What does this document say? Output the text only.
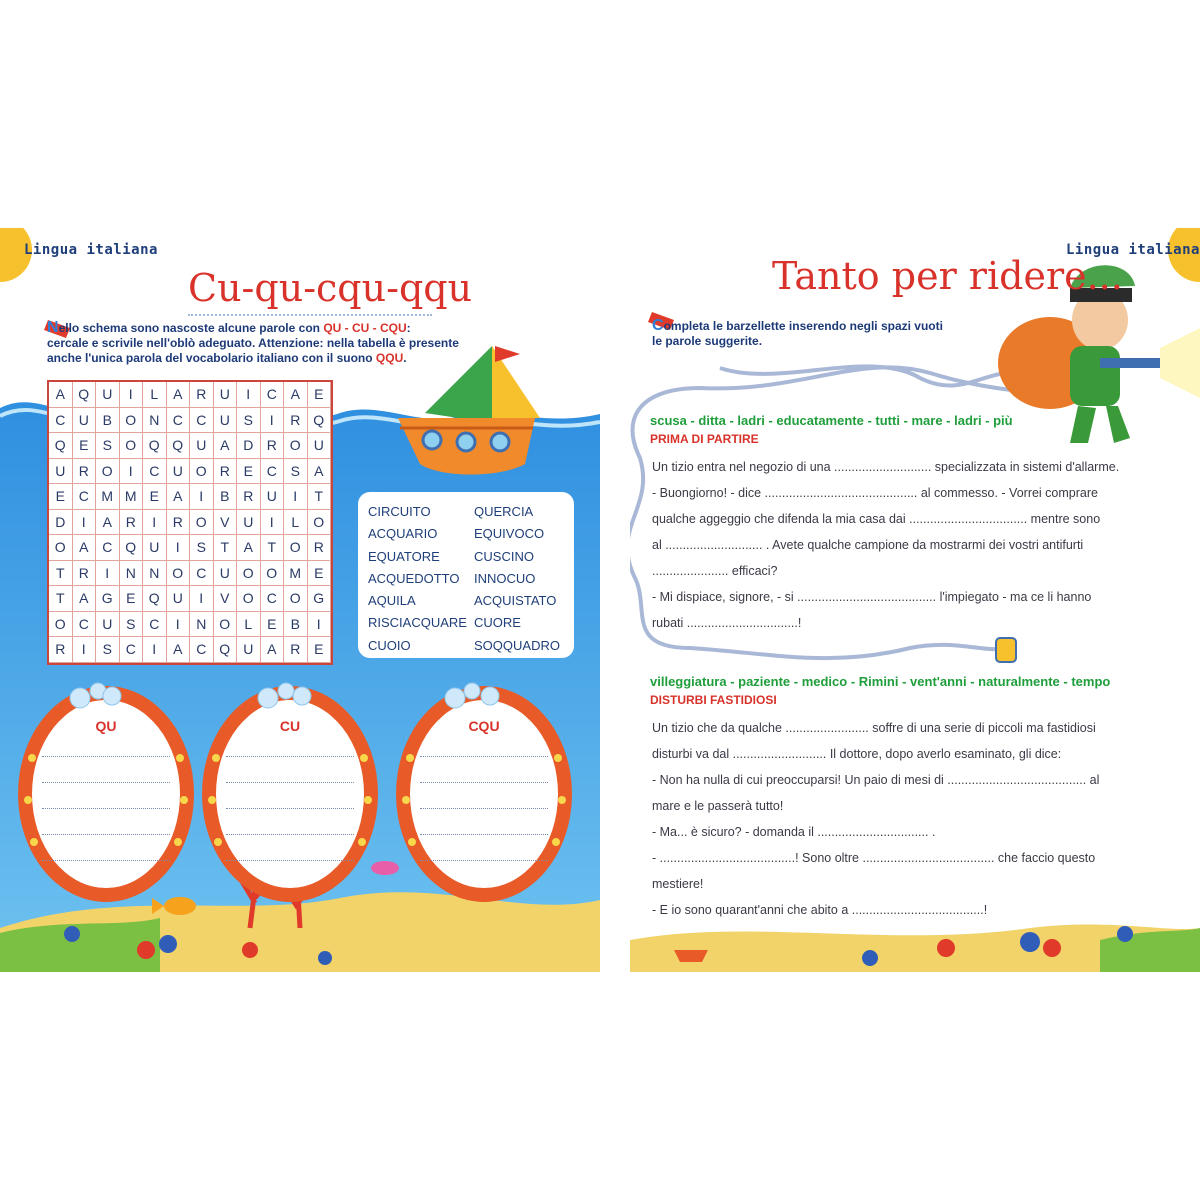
Lingua italiana
Cu-qu-cqu-qqu
Nello schema sono nascoste alcune parole con QU - CU - CQU:
cercale e scrivile nell'oblò adeguato. Attenzione: nella tabella è presente
anche l'unica parola del vocabolario italiano con il suono QQU.
A Q U	I	L	A R U	I	C A	E
C U B O N C C U S	I	R Q
Q E	S O Q Q U A D R O U
U R O	I	C U O R E C S	A
E C M M E	A	I	B R U	I	T
D	I	A R	I	R O V U	I	L	O
O A C Q U	I	S	T	A	T O R
T	R	I	N N O C U O O M E
T	A G E Q U	I	V O C O G
O C U S C	I	N O	L	E	B	I
R	I	S C	I	A C Q U A R E
CIRCUITO	QUERCIA
ACQUARIO	EQUIVOCO
EQUATORE	CUSCINO
ACQUEDOTTO	INNOCUO
AQUILA	ACQUISTATO
RISCIACQUARE CUORE
CUOIO	SOQQUADRO
QU	CU	CQU
Lingua italiana
Tanto per ridere...
Completa le barzellette inserendo negli spazi vuoti
le parole suggerite.
scusa - ditta - ladri - educatamente - tutti - mare - ladri - più
PRIMA DI PARTIRE
Un tizio entra nel negozio di una ............................ specializzata in sistemi d'allarme.
- Buongiorno! - dice ............................................ al commesso. - Vorrei comprare
qualche aggeggio che difenda la mia casa dai .................................. mentre sono
al ............................ . Avete qualche campione da mostrarmi dei vostri antifurti
...................... efficaci?
- Mi dispiace, signore, - si ........................................ l'impiegato - ma ce li hanno
rubati ................................!
villeggiatura - paziente - medico - Rimini - vent'anni - naturalmente - tempo
DISTURBI FASTIDIOSI
Un tizio che da qualche ........................ soffre di una serie di piccoli ma fastidiosi
disturbi va dal ........................... Il dottore, dopo averlo esaminato, gli dice:
- Non ha nulla di cui preoccuparsi! Un paio di mesi di ........................................ al
mare e le passerà tutto!
- Ma... è sicuro? - domanda il ................................ .
- .......................................! Sono oltre ...................................... che faccio questo
mestiere!
- E io sono quarant'anni che abito a ......................................!
